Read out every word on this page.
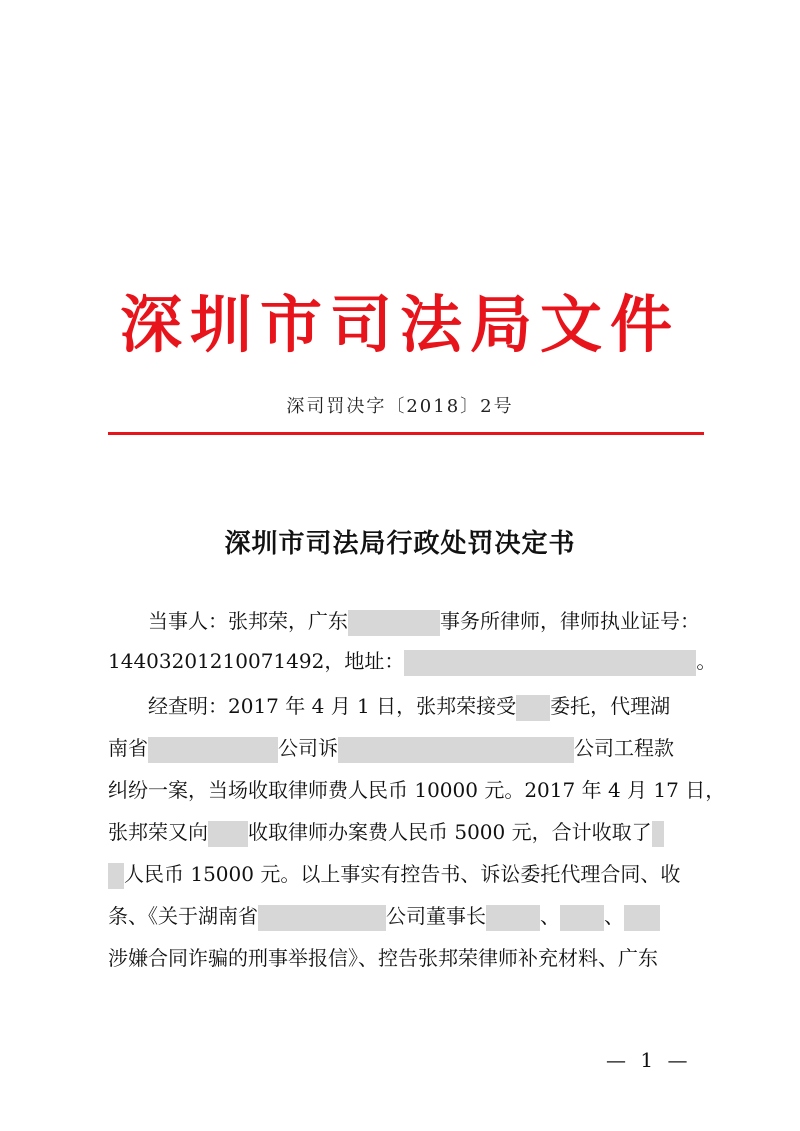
深圳市司法局文件
深司罚决字〔2018〕2号
深圳市司法局行政处罚决定书
当事人：张邦荣，广东	事务所律师，律师执业证号：
14403201210071492，地址：	。
经查明：2017 年 4 月 1 日，张邦荣接受 委托，代理湖
南省	公司诉	公司工程款
纠纷一案，当场收取律师费人民币 10000 元。2017 年 4 月 17 日，
张邦荣又向 收取律师办案费人民币 5000 元，合计收取了
人民币 15000 元。以上事实有控告书、诉讼委托代理合同、收
条、《关于湖南省	公司董事长	、 、
涉嫌合同诈骗的刑事举报信》、控告张邦荣律师补充材料、广东
— 1 —
